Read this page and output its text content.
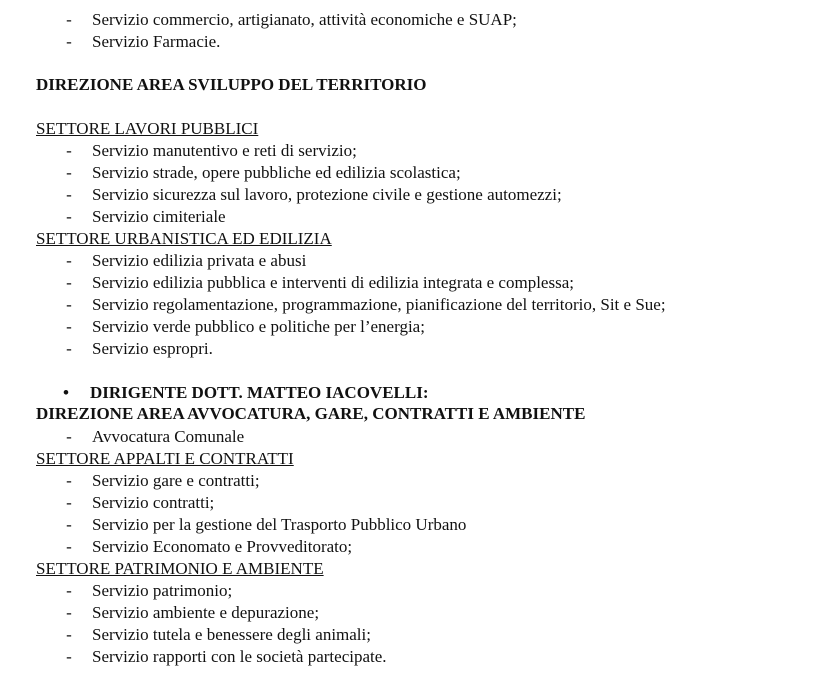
- Servizio commercio, artigianato, attività economiche e SUAP;
- Servizio Farmacie.
DIREZIONE AREA SVILUPPO DEL TERRITORIO
SETTORE LAVORI PUBBLICI
- Servizio manutentivo e reti di servizio;
- Servizio strade, opere pubbliche ed edilizia scolastica;
- Servizio sicurezza sul lavoro, protezione civile e gestione automezzi;
- Servizio cimiteriale
SETTORE URBANISTICA ED EDILIZIA
- Servizio edilizia privata e abusi
- Servizio edilizia pubblica e interventi di edilizia integrata e complessa;
- Servizio regolamentazione, programmazione, pianificazione del territorio, Sit e Sue;
- Servizio verde pubblico e politiche per l’energia;
- Servizio espropri.
• DIRIGENTE DOTT. MATTEO IACOVELLI:
DIREZIONE AREA AVVOCATURA, GARE, CONTRATTI E AMBIENTE
- Avvocatura Comunale
SETTORE APPALTI E CONTRATTI
- Servizio gare e contratti;
- Servizio contratti;
- Servizio per la gestione del Trasporto Pubblico Urbano
- Servizio Economato e Provveditorato;
SETTORE PATRIMONIO E AMBIENTE
- Servizio patrimonio;
- Servizio ambiente e depurazione;
- Servizio tutela e benessere degli animali;
- Servizio rapporti con le società partecipate.
